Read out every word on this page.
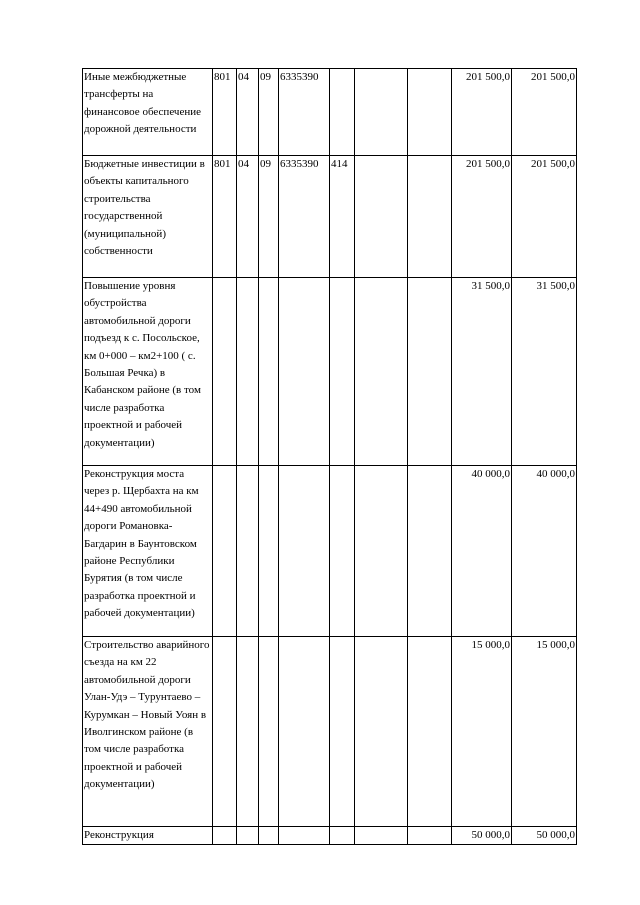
Иные межбюджетные трансферты на финансовое обеспечение дорожной деятельности	801	04	09	6335390				201 500,0	201 500,0
Бюджетные инвестиции в объекты капитального строительства государственной (муниципальной) собственности	801	04	09	6335390	414			201 500,0	201 500,0
Повышение уровня обустройства автомобильной дороги подъезд к с. Посольское, км 0+000 – км2+100 ( с. Большая Речка) в Кабанском районе (в том числе разработка проектной и рабочей документации)								31 500,0	31 500,0
Реконструкция моста через р. Щербахта на км 44+490 автомобильной дороги Романовка-Багдарин в Баунтовском районе Республики Бурятия (в том числе разработка проектной и рабочей документации)								40 000,0	40 000,0
Строительство аварийного съезда на км 22 автомобильной дороги Улан-Удэ – Турунтаево – Курумкан – Новый Уоян в Иволгинском районе (в том числе разработка проектной и рабочей документации)								15 000,0	15 000,0
Реконструкция								50 000,0	50 000,0
